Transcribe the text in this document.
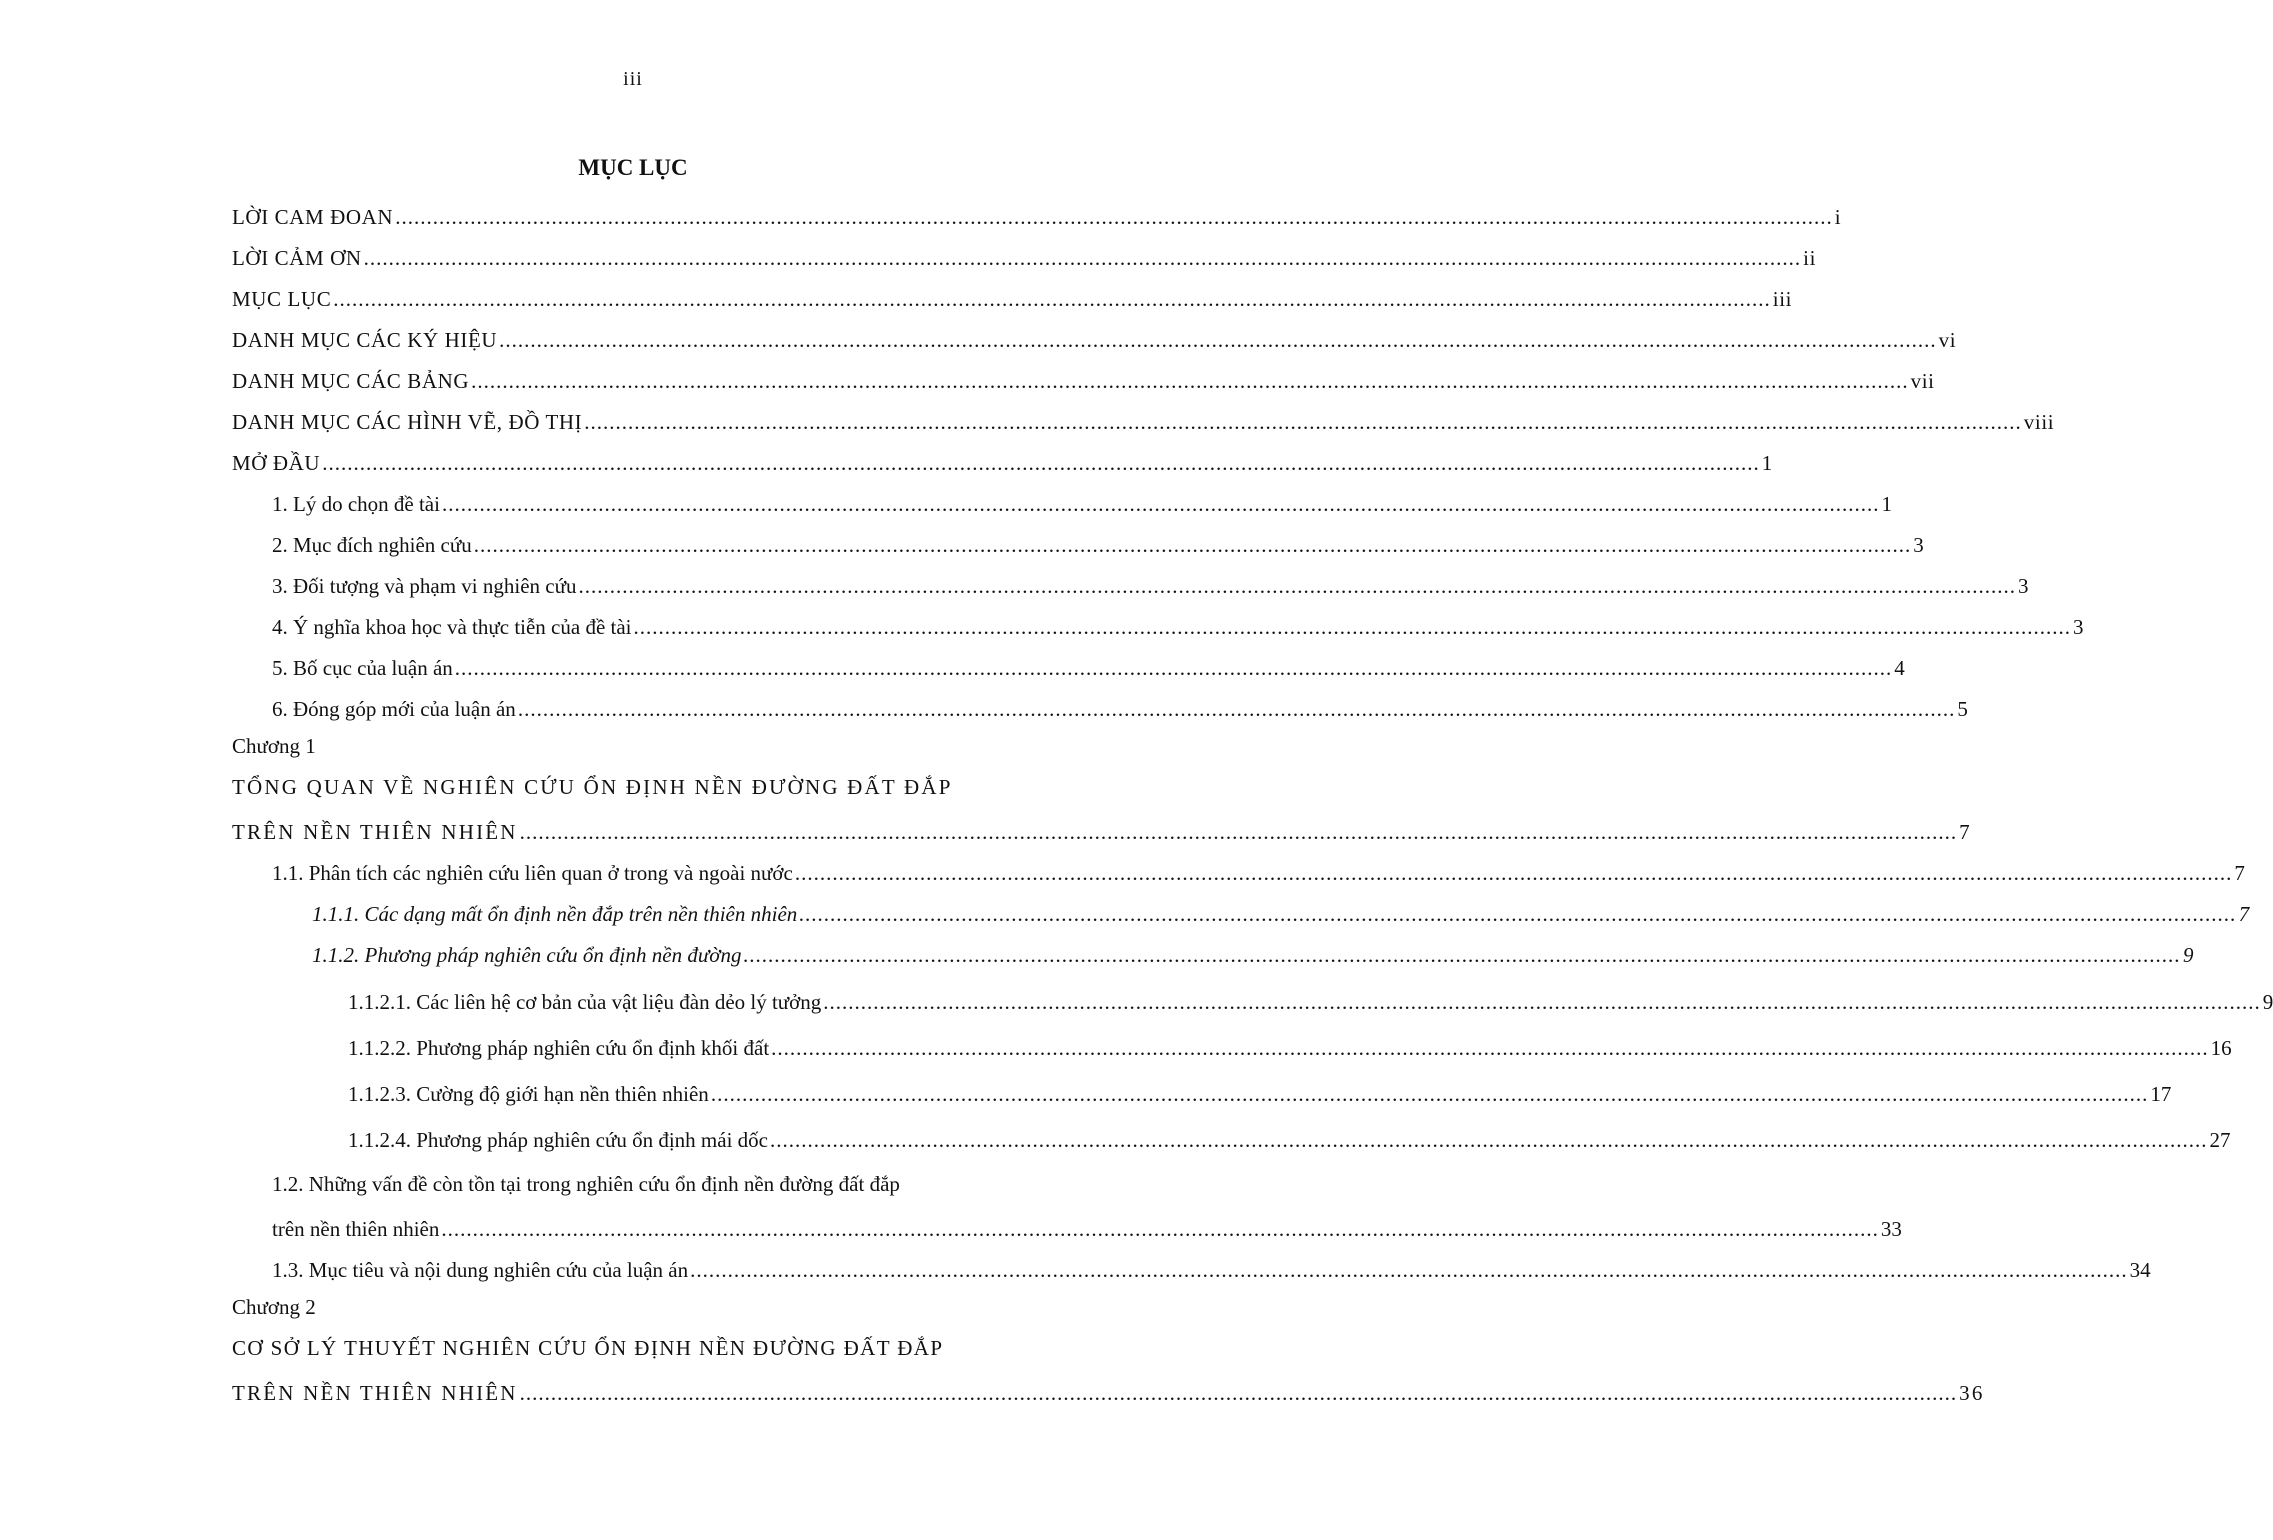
iii
MỤC LỤC
LỜI CAM ĐOAN ...................................................................................................................................................................................................................................... i
LỜI CẢM ƠN ...................................................................................................................................................................................................................................... ii
MỤC LỤC ...................................................................................................................................................................................................................................... iii
DANH MỤC CÁC KÝ HIỆU ...................................................................................................................................................................................................................................... vi
DANH MỤC CÁC BẢNG ...................................................................................................................................................................................................................................... vii
DANH MỤC CÁC HÌNH VẼ, ĐỒ THỊ ...................................................................................................................................................................................................................................... viii
MỞ ĐẦU ...................................................................................................................................................................................................................................... 1
1. Lý do chọn đề tài ...................................................................................................................................................................................................................................... 1
2. Mục đích nghiên cứu ...................................................................................................................................................................................................................................... 3
3. Đối tượng và phạm vi nghiên cứu ...................................................................................................................................................................................................................................... 3
4. Ý nghĩa khoa học và thực tiễn của đề tài ...................................................................................................................................................................................................................................... 3
5. Bố cục của luận án ...................................................................................................................................................................................................................................... 4
6. Đóng góp mới của luận án ...................................................................................................................................................................................................................................... 5
Chương 1
TỔNG QUAN VỀ NGHIÊN CỨU ỔN ĐỊNH NỀN ĐƯỜNG ĐẤT ĐẮP
TRÊN NỀN THIÊN NHIÊN ...................................................................................................................................................................................................................................... 7
1.1. Phân tích các nghiên cứu liên quan ở trong và ngoài nước ...................................................................................................................................................................................................................................... 7
1.1.1. Các dạng mất ổn định nền đắp trên nền thiên nhiên ...................................................................................................................................................................................................................................... 7
1.1.2. Phương pháp nghiên cứu ổn định nền đường ...................................................................................................................................................................................................................................... 9
1.1.2.1. Các liên hệ cơ bản của vật liệu đàn dẻo lý tưởng ...................................................................................................................................................................................................................................... 9
1.1.2.2. Phương pháp nghiên cứu ổn định khối đất ...................................................................................................................................................................................................................................... 16
1.1.2.3. Cường độ giới hạn nền thiên nhiên ...................................................................................................................................................................................................................................... 17
1.1.2.4. Phương pháp nghiên cứu ổn định mái dốc ...................................................................................................................................................................................................................................... 27
1.2. Những vấn đề còn tồn tại trong nghiên cứu ổn định nền đường đất đắp
trên nền thiên nhiên ...................................................................................................................................................................................................................................... 33
1.3. Mục tiêu và nội dung nghiên cứu của luận án ...................................................................................................................................................................................................................................... 34
Chương 2
CƠ SỞ LÝ THUYẾT NGHIÊN CỨU ỔN ĐỊNH NỀN ĐƯỜNG ĐẤT ĐẮP
TRÊN NỀN THIÊN NHIÊN ...................................................................................................................................................................................................................................... 36
